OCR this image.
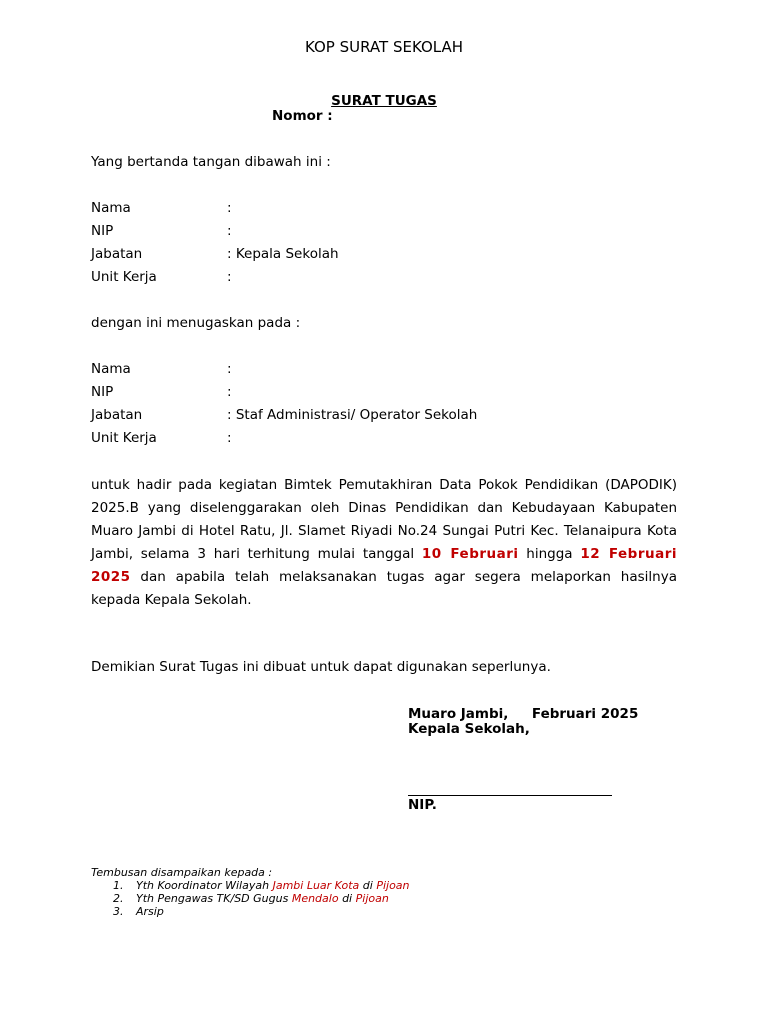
KOP SURAT SEKOLAH
SURAT TUGAS
Nomor :
Yang bertanda tangan dibawah ini :
Nama	:
NIP	:
Jabatan	: Kepala Sekolah
Unit Kerja	:
dengan ini menugaskan pada :
Nama	:
NIP	:
Jabatan	: Staf Administrasi/ Operator Sekolah
Unit Kerja	:
untuk hadir pada kegiatan Bimtek Pemutakhiran Data Pokok Pendidikan (DAPODIK) 2025.B yang diselenggarakan oleh Dinas Pendidikan dan Kebudayaan Kabupaten Muaro Jambi di Hotel Ratu, Jl. Slamet Riyadi No.24 Sungai Putri Kec. Telanaipura Kota Jambi, selama 3 hari terhitung mulai tanggal 10 Februari hingga 12 Februari 2025 dan apabila telah melaksanakan tugas agar segera melaporkan hasilnya kepada Kepala Sekolah.
Demikian Surat Tugas ini dibuat untuk dapat digunakan seperlunya.
Muaro Jambi,     Februari 2025
Kepala Sekolah,
NIP.
Tembusan disampaikan kepada :
1. Yth Koordinator Wilayah Jambi Luar Kota di Pijoan
2. Yth Pengawas TK/SD Gugus Mendalo di Pijoan
3. Arsip
